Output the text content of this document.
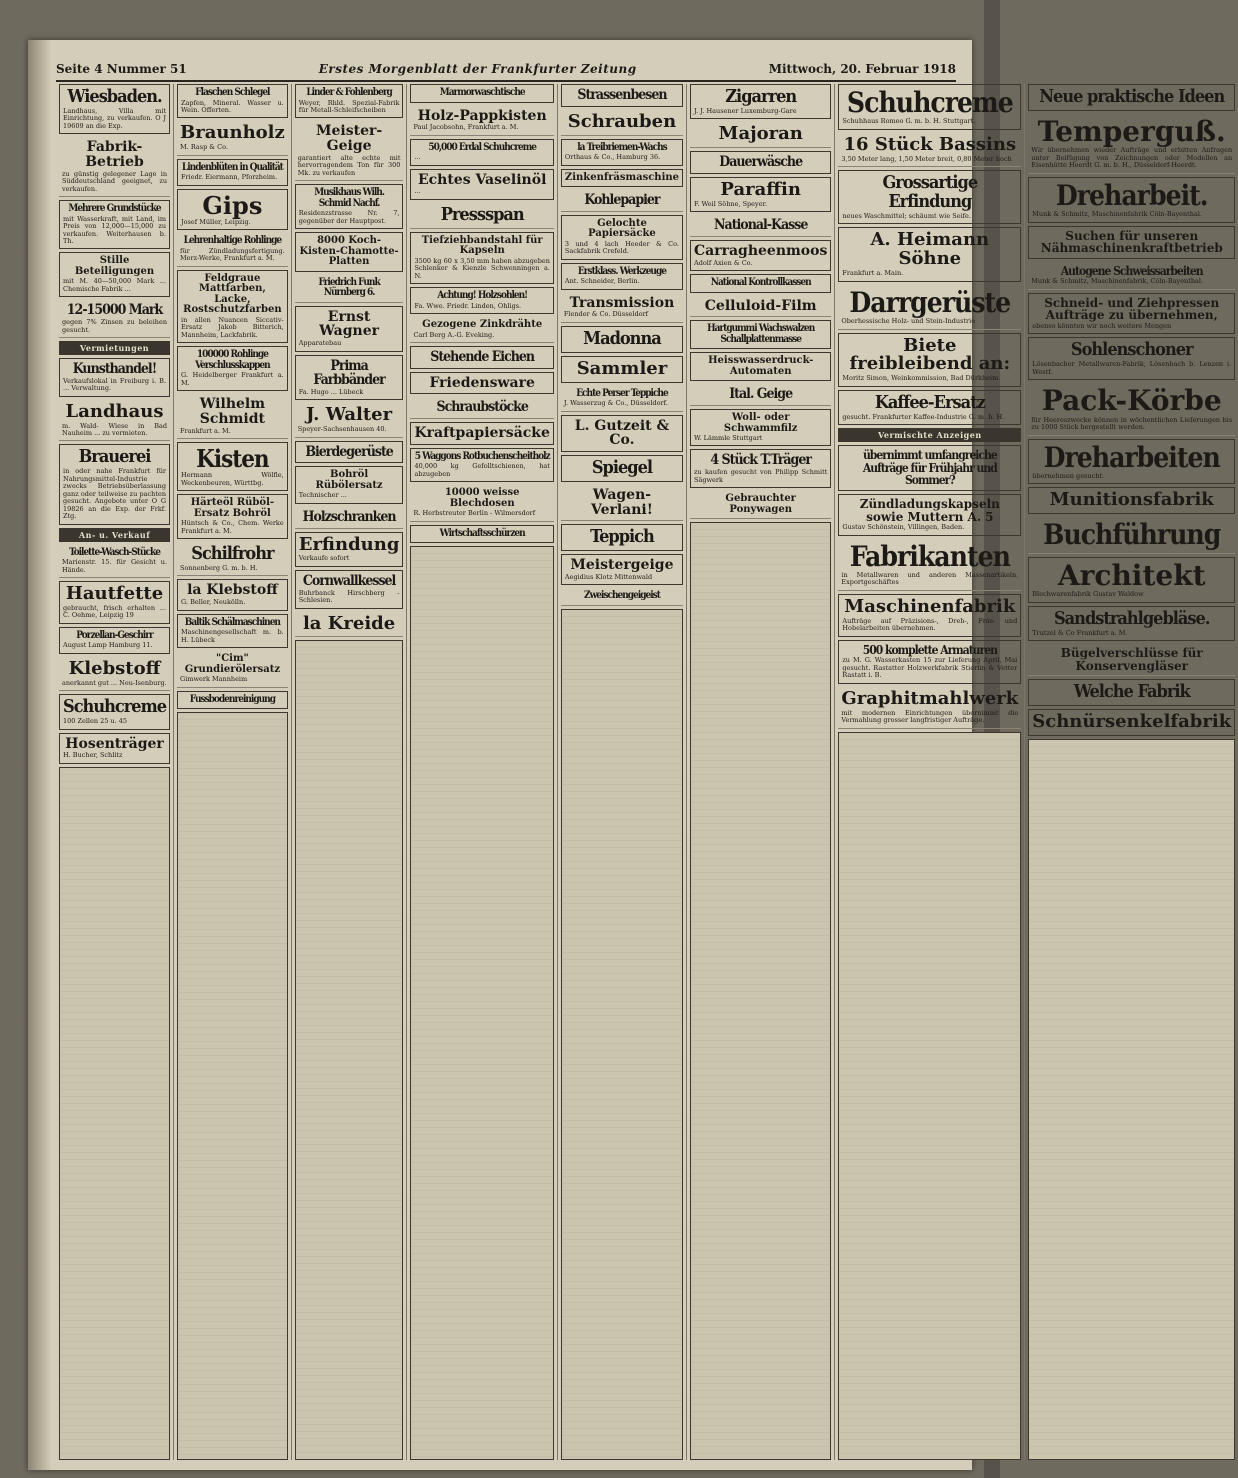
Seite 4 Nummer 51	Erstes Morgenblatt der Frankfurter Zeitung	Mittwoch, 20. Februar 1918
Wiesbaden.
Landhaus, Villa mit Einrichtung, zu verkaufen. O J 19609 an die Exp.
Fabrik-Betrieb
zu günstig gelegener Lage in Süddeutschland geeignet, zu verkaufen.
Mehrere Grundstücke
mit Wasserkraft, mit Land, im Preis von 12,000—15,000 zu verkaufen. Weiterhausen b. Th.
Stille Beteiligungen
mit M. 40—50,000 Mark ... Chemische Fabrik ...
12-15000 Mark
gegen 7% Zinsen zu beleihen gesucht.
Vermietungen
Kunsthandel!
Verkaufslokal in Freiburg i. B. ... Verwaltung.
Landhaus
m. Wald- Wiese in Bad Nauheim ... zu vermieten.
Brauerei
in oder nahe Frankfurt für Nahrungsmittel-Industrie zwecks Betriebsüberlassung ganz oder teilweise zu pachten gesucht. Angebote unter O G 19826 an die Exp. der Frkf. Ztg.
An- u. Verkauf
Toilette-Wasch-Stücke
Marienstr. 15. für Gesicht u. Hände.
Hautfette
gebraucht, frisch erhalten ... C. Oehme, Leipzig 19
Porzellan-Geschirr
August Lamp Hamburg 11.
Klebstoff
anerkannt gut ... Neu-Isenburg.
Schuhcreme
100 Zellen 25 u. 45
Hosenträger
H. Bucher, Schlitz
Flaschen Schlegel
Zapfen, Mineral. Wasser u. Wein. Offerten.
Braunholz
M. Rasp & Co.
Lindenblüten in Qualität
Friedr. Eiermann, Pforzheim.
Gips
Josef Müller, Leipzig.
Lehrenhaltige Rohlinge
für Zündladungsfertigung. Merz-Werke, Frankfurt a. M.
Feldgraue Mattfarben, Lacke, Rostschutzfarben
in allen Nuancen Siccativ-Ersatz Jakob Bitterich, Mannheim, Lackfabrik.
100000 Rohlinge Verschlusskappen
G. Heidelberger Frankfurt a. M.
Wilhelm Schmidt
Frankfurt a. M.
Kisten
Hermann Wölfle, Weckenbeuren, Württbg.
Härteöl Rüböl-Ersatz Bohröl
Hüntsch & Co., Chem. Werke Frankfurt a. M.
Schilfrohr
Sonnenberg G. m. b. H.
la Klebstoff
G. Beller, Neukölln.
Baltik Schälmaschinen
Maschinengesellschaft m. b. H. Lübeck
"Cim" Grundierölersatz
Gimwerk Mannheim
Fussbodenreinigung
Linder & Fohlenberg
Weyer, Rhld. Spezial-Fabrik für Metall-Schleifscheiben
Meister-Geige
garantiert alte echte mit hervorragendem Ton für 300 Mk. zu verkaufen
Musikhaus Wilh. Schmid Nachf.
Residenzstrasse Nr. 7, gegenüber der Hauptpost.
8000 Koch-Kisten-Chamotte-Platten
Friedrich Funk Nürnberg 6.
Ernst Wagner
Apparatebau
Prima Farbbänder
Fa. Hugo ... Lübeck
J. Walter
Speyer-Sachsenhausen 40.
Bierdegerüste
Bohröl Rübölersatz
Technischer ...
Holzschranken
Erfindung
Verkaufe sofort
Cornwallkessel
Buhrbanck Hirschberg - Schlesien.
la Kreide
Marmorwaschtische
Holz-Pappkisten
Paul Jacobsohn, Frankfurt a. M.
50,000 Erdal Schuhcreme
...
Echtes Vaselinöl
...
Pressspan
Tiefziehbandstahl für Kapseln
3500 kg 60 x 3,50 mm haben abzugeben Schlenker & Kienzle Schwenningen a. N.
Achtung! Holzsohlen!
Fa. Wwe. Friedr. Linden, Ohligs.
Gezogene Zinkdrähte
Carl Berg A.-G. Eveking.
Stehende Eichen
Friedensware
Schraubstöcke
Kraftpapiersäcke
5 Waggons Rotbuchenscheitholz
40,000 kg Gefolltschienen, hat abzugeben
10000 weisse Blechdosen
R. Herbstreuter Berlin - Wilmersdorf
Wirtschaftsschürzen
Strassenbesen
Schrauben
la Treibriemen-Wachs
Orthaus & Co., Hamburg 36.
Zinkenfräsmaschine
Kohlepapier
Gelochte Papiersäcke
3 und 4 lach Heeder & Co. Sackfabrik Crefeld.
Erstklass. Werkzeuge
Ant. Schneider, Berlin.
Transmission
Flender & Co. Düsseldorf
Madonna
Sammler
Echte Perser Teppiche
J. Wasserzug & Co., Düsseldorf.
L. Gutzeit & Co.
Spiegel
Wagen-Verlani!
Teppich
Meistergeige
Aegidius Klotz Mittenwald
Zweischengeigeist
Zigarren
J. J. Hausener Luxemburg-Gare
Majoran
Dauerwäsche
Paraffin
F. Weil Söhne, Speyer.
National-Kasse
Carragheenmoos
Adolf Axien & Co.
National Kontrollkassen
Celluloid-Film
Hartgummi Wachswalzen Schallplattenmasse
Heisswasserdruck-Automaten
Ital. Geige
Woll- oder Schwammfilz
W. Lämmle Stuttgart
4 Stück T.Träger
zu kaufen gesucht von Philipp Schmitt Sägwerk
Gebrauchter Ponywagen
Schuhcreme
Schuhhaus Romeo G. m. b. H. Stuttgart.
16 Stück Bassins
3,50 Meter lang, 1,50 Meter breit, 0,80 Meter hoch
Grossartige Erfindung
neues Waschmittel; schäumt wie Seife.
A. Heimann Söhne
Frankfurt a. Main.
Darrgerüste
Oberhessische Holz- und Stein-Industrie
Biete freibleibend an:
Moritz Simon, Weinkommission, Bad Dürkheim.
Kaffee-Ersatz
gesucht. Frankfurter Kaffee-Industrie G. m. b. H.
Vermischte Anzeigen
übernimmt umfangreiche Aufträge für Frühjahr und Sommer?
Zündladungskapseln sowie Muttern A. 5
Gustav Schönstein, Villingen, Baden.
Fabrikanten
in Metallwaren und anderen Massenartikeln, Exportgeschäftes
Maschinenfabrik
Aufträge auf Präzisions-, Dreh-, Fräs- und Hobelarbeiten übernehmen.
500 komplette Armaturen
zu M. G. Wasserkasten 15 zur Lieferung April, Mai gesucht. Rastatter Holzwerkfabrik Stierlin & Vetter Rastatt i. B.
Graphitmahlwerk
mit modernen Einrichtungen übernimmt die Vermahlung grosser langfristiger Aufträge.
Neue praktische Ideen
Temperguß.
Wir übernehmen wieder Aufträge und erbitten Anfragen unter Beifügung von Zeichnungen oder Modellen an Eisenhütte Heerdt G. m. b. H., Düsseldorf-Heerdt.
Dreharbeit.
Munk & Schmitz, Maschinenfabrik Cöln-Bayenthal.
Suchen für unseren Nähmaschinenkraftbetrieb
Autogene Schweissarbeiten
Munk & Schmitz, Maschinenfabrik, Cöln-Bayenthal.
Schneid- und Ziehpressen Aufträge zu übernehmen,
ebenso könnten wir noch weitere Mengen
Sohlenschoner
Lösenbacher Metallwaren-Fabrik, Lösenbach b. Lenzen i. Westf.
Pack-Körbe
für Heereszwecke können in wöchentlichen Lieferungen bis zu 1000 Stück hergestellt werden.
Dreharbeiten
übernehmen gesucht.
Munitionsfabrik
Buchführung
Architekt
Blechwarenfabrik Gustav Waldow
Sandstrahlgebläse.
Trutzel & Co Frankfurt a. M.
Bügelverschlüsse für Konservengläser
Welche Fabrik
Schnürsenkelfabrik
